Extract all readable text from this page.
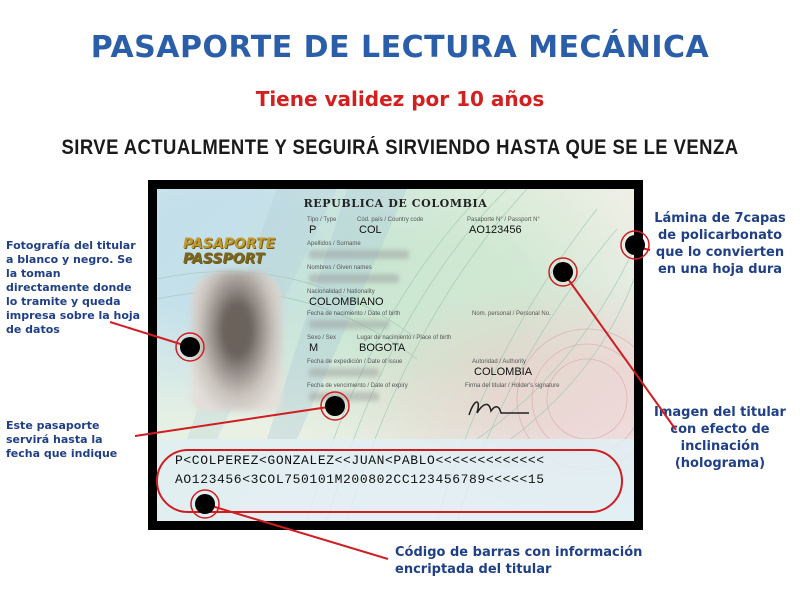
PASAPORTE DE LECTURA MECÁNICA
Tiene validez por 10 años
SIRVE ACTUALMENTE Y SEGUIRÁ SIRVIENDO HASTA QUE SE LE VENZA
REPUBLICA DE COLOMBIA
PASAPORTE
PASSPORT
Tipo / Type
P
Cód. país / Country code
COL
Pasaporte N° / Passport N°
AO123456
Apellidos / Surname
Nombres / Given names
Nacionalidad / Nationality
COLOMBIANO
Fecha de nacimiento / Date of birth	Nom. personal / Personal No.
Sexo / Sex
M
Lugar de nacimiento / Place of birth
BOGOTA
Fecha de expedición / Date of issue	Autoridad / Authority
COLOMBIA
Fecha de vencimiento / Date of expiry	Firma del titular / Holder's signature
P<COLPEREZ<GONZALEZ<<JUAN<PABLO<<<<<<<<<<<<<
AO123456<3COL750101M200802CC123456789<<<<<15
Fotografía del titular a blanco y negro. Se la toman directamente donde lo tramite y queda impresa sobre la hoja de datos
Este pasaporte servirá hasta la fecha que indique
Lámina de 7capas de policarbonato que lo convierten en una hoja dura
Imagen del titular con efecto de inclinación (holograma)
Código de barras con información encriptada del titular
